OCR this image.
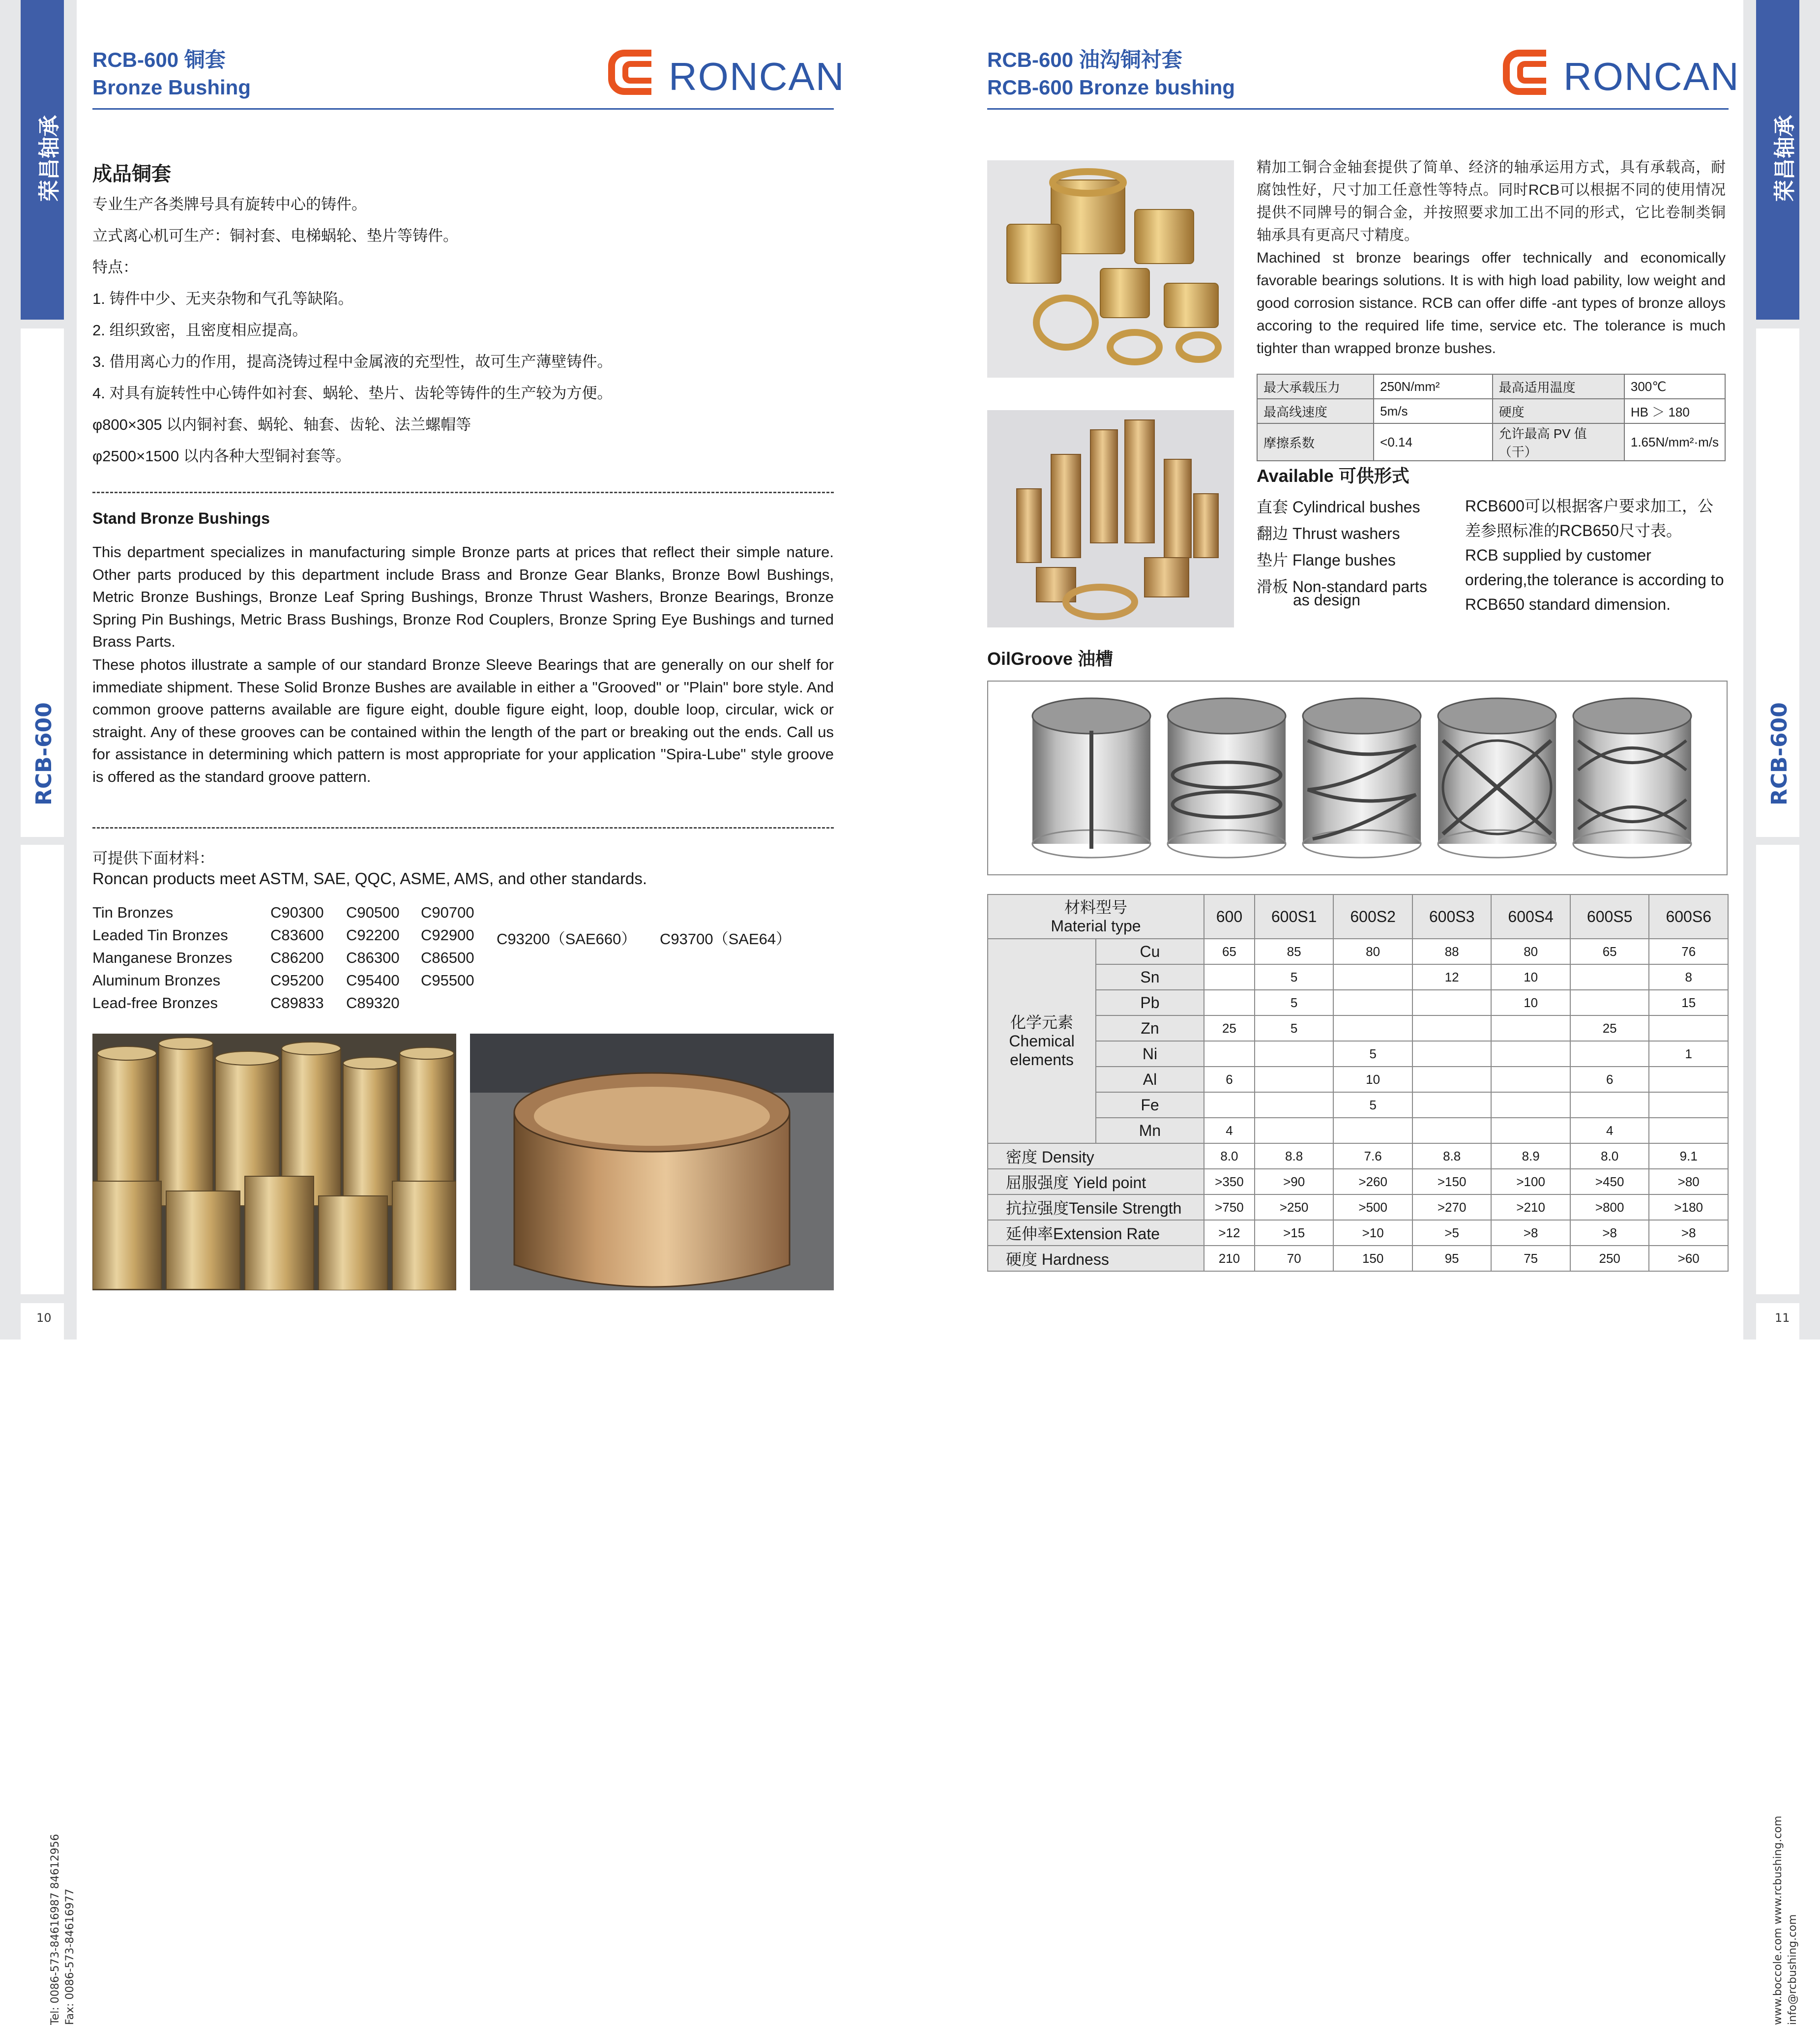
荣昌轴承
RCB-600
Tel: 0086-573-84616987 84612956 Fax: 0086-573-84616977
10
荣昌轴承
RCB-600
www.boccole.com www.rcbushing.com info@rcbushing.com
11
RCB-600 铜套
Bronze Bushing	RONCAN
成品铜套
专业生产各类牌号具有旋转中心的铸件。
立式离心机可生产：铜衬套、电梯蜗轮、垫片等铸件。
特点：
1. 铸件中少、无夹杂物和气孔等缺陷。
2. 组织致密，且密度相应提高。
3. 借用离心力的作用，提高浇铸过程中金属液的充型性，故可生产薄壁铸件。
4. 对具有旋转性中心铸件如衬套、蜗轮、垫片、齿轮等铸件的生产较为方便。
φ800×305 以内铜衬套、蜗轮、轴套、齿轮、法兰螺帽等
φ2500×1500 以内各种大型铜衬套等。
Stand Bronze Bushings
This department specializes in manufacturing simple Bronze parts at prices that reflect their simple nature. Other parts produced by this department include Brass and Bronze Gear Blanks, Bronze Bowl Bushings, Metric Bronze Bushings, Bronze Leaf Spring Bushings, Bronze Thrust Washers, Bronze Bearings, Bronze Spring Pin Bushings, Metric Brass Bushings, Bronze Rod Couplers, Bronze Spring Eye Bushings and turned Brass Parts.
These photos illustrate a sample of our standard Bronze Sleeve Bearings that are generally on our shelf for immediate shipment. These Solid Bronze Bushes are available in either a "Grooved" or "Plain" bore style. And common groove patterns available are figure eight, double figure eight, loop, double loop, circular, wick or straight. Any of these grooves can be contained within the length of the part or breaking out the ends. Call us for assistance in determining which pattern is most appropriate for your application "Spira-Lube" style groove is offered as the standard groove pattern.
可提供下面材料：
Roncan products meet ASTM, SAE, QQC, ASME, AMS, and other standards.
Tin Bronzes	C90300 C90500 C90700
Leaded Tin Bronzes	C83600 C92200 C92900 C93200（SAE660） C93700（SAE64）
Manganese Bronzes	C86200 C86300 C86500
Aluminum Bronzes	C95200 C95400 C95500
Lead-free Bronzes	C89833 C89320
RCB-600 油沟铜衬套
RCB-600 Bronze bushing	RONCAN
精加工铜合金轴套提供了简单、经济的轴承运用方式，具有承载高，耐腐蚀性好，尺寸加工任意性等特点。同时RCB可以根据不同的使用情况提供不同牌号的铜合金，并按照要求加工出不同的形式，它比卷制类铜轴承具有更高尺寸精度。
Machined st bronze bearings offer technically and economically favorable bearings solutions. It is with high load pability, low weight and good corrosion sistance. RCB can offer diffe -ant types of bronze alloys accoring to the required life time, service etc. The tolerance is much tighter than wrapped bronze bushes.
最大承载压力	250N/mm²	最高适用温度	300℃
最高线速度	5m/s	硬度	HB ＞ 180
摩擦系数	<0.14	允许最高 PV 值（干）	1.65N/mm²·m/s
Available 可供形式
直套 Cylindrical bushes
翻边 Thrust washers
垫片 Flange bushes
滑板 Non-standard parts
as design
RCB600可以根据客户要求加工，公差参照标准的RCB650尺寸表。
RCB supplied by customer ordering,the tolerance is according to RCB650 standard dimension.
OilGroove 油槽
材料型号
Material type		600	600S1	600S2	600S3	600S4	600S5	600S6

化学元素
Chemical
elements	Cu	65	85	80	88	80	65	76
	Sn		5		12	10		8
	Pb		5			10		15
	Zn	25	5				25	
	Ni			5				1
	Al	6		10			6	
	Fe			5				
	Mn	4					4	
密度 Density		8.0	8.8	7.6	8.8	8.9	8.0	9.1
屈服强度 Yield point		>350	>90	>260	>150	>100	>450	>80
抗拉强度Tensile Strength		>750	>250	>500	>270	>210	>800	>180
延伸率Extension Rate		>12	>15	>10	>5	>8	>8	>8
硬度 Hardness		210	70	150	95	75	250	>60
